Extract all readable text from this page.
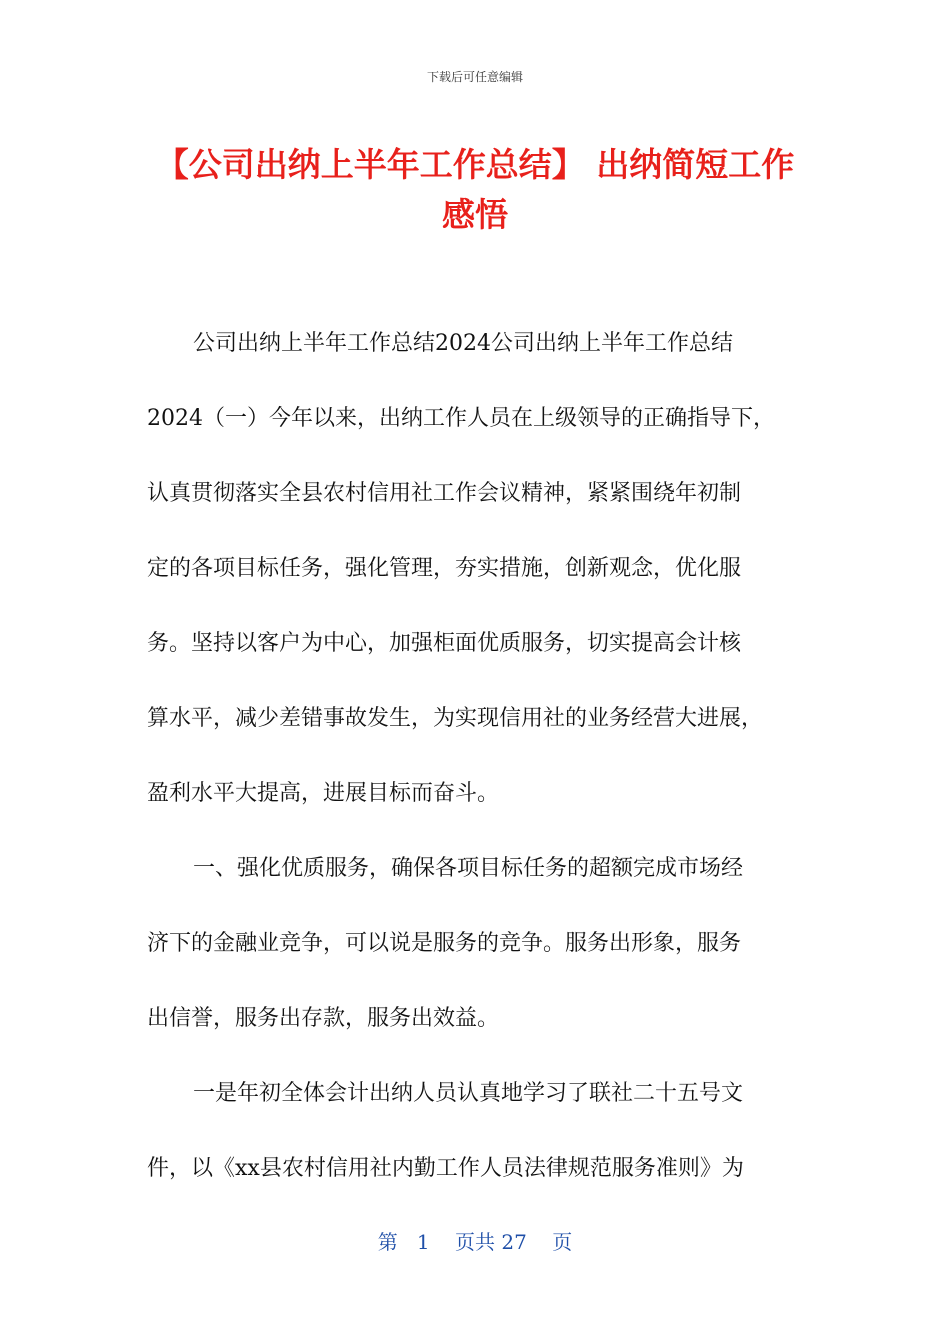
下载后可任意编辑
【公司出纳上半年工作总结】 出纳简短工作
感悟
公司出纳上半年工作总结2024公司出纳上半年工作总结
2024（一）今年以来，出纳工作人员在上级领导的正确指导下，
认真贯彻落实全县农村信用社工作会议精神，紧紧围绕年初制
定的各项目标任务，强化管理，夯实措施，创新观念，优化服
务。坚持以客户为中心，加强柜面优质服务，切实提高会计核
算水平，减少差错事故发生，为实现信用社的业务经营大进展，
盈利水平大提高，进展目标而奋斗。
一、强化优质服务，确保各项目标任务的超额完成市场经
济下的金融业竞争，可以说是服务的竞争。服务出形象，服务
出信誉，服务出存款，服务出效益。
一是年初全体会计出纳人员认真地学习了联社二十五号文
件，以《xx县农村信用社内勤工作人员法律规范服务准则》为
第 1 页共 27 页
